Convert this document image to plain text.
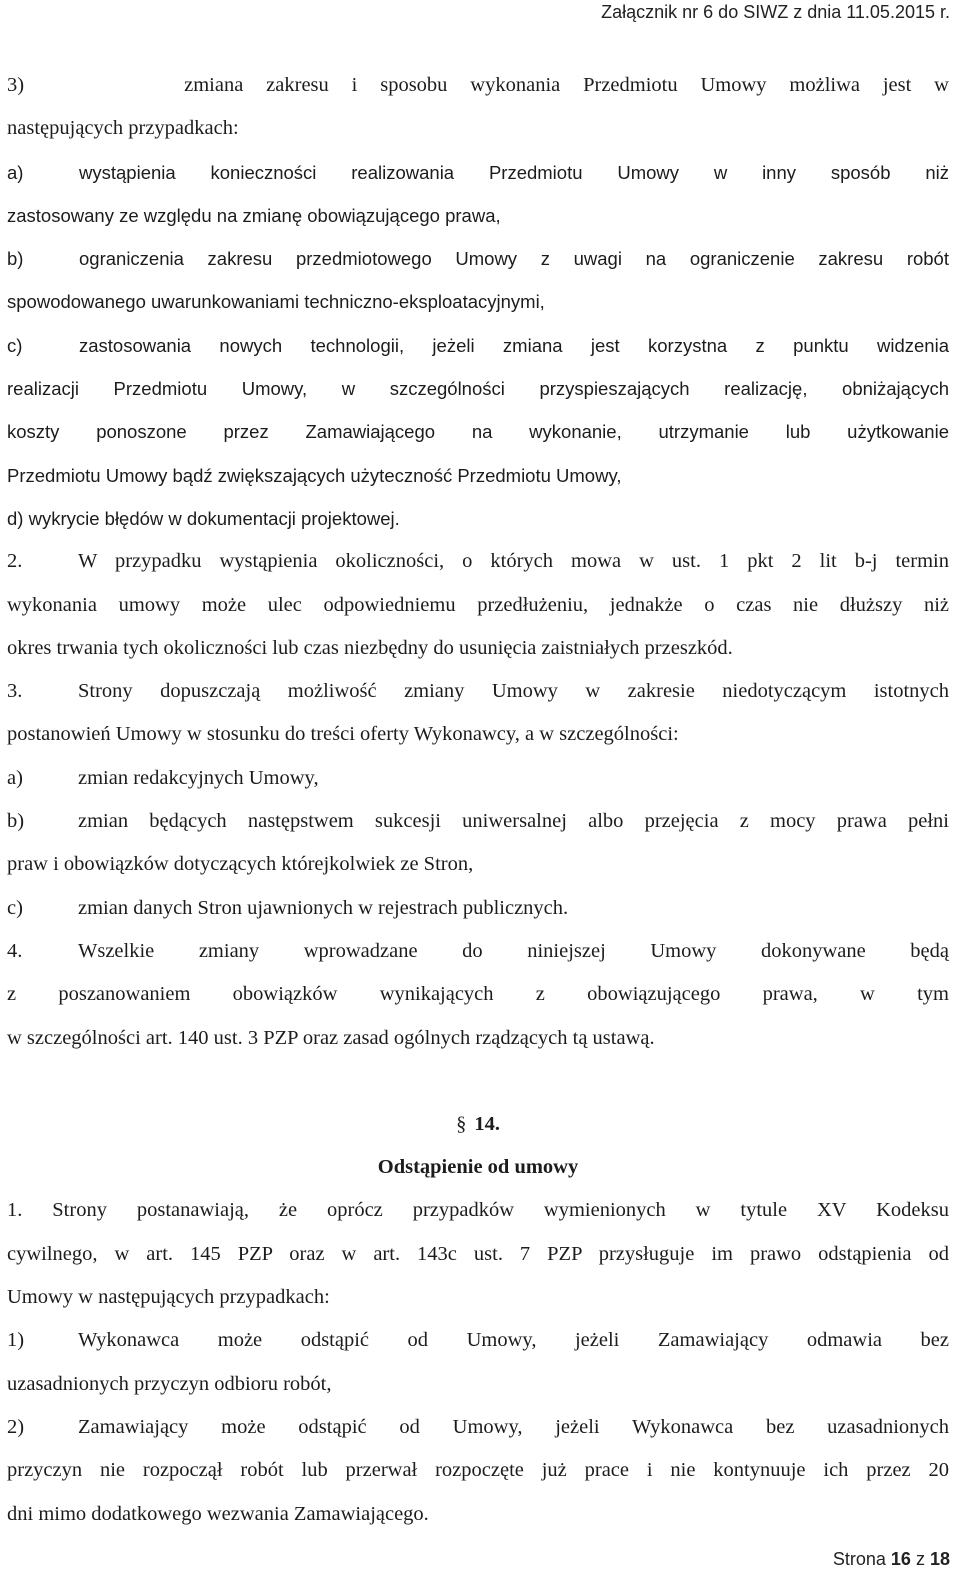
Załącznik nr 6 do SIWZ z dnia 11.05.2015 r.

3)       zmiana zakresu i sposobu wykonania Przedmiotu Umowy możliwa jest w

następujących przypadkach:

a)	wystąpienia konieczności realizowania Przedmiotu Umowy w inny sposób niż

zastosowany ze względu na zmianę obowiązującego prawa,

b)	ograniczenia zakresu przedmiotowego Umowy z uwagi na ograniczenie zakresu robót

spowodowanego uwarunkowaniami techniczno-eksploatacyjnymi,

c)	zastosowania nowych technologii, jeżeli zmiana jest korzystna z punktu widzenia

realizacji Przedmiotu Umowy, w szczególności przyspieszających realizację, obniżających

koszty ponoszone przez Zamawiającego na wykonanie, utrzymanie lub użytkowanie

Przedmiotu Umowy bądź zwiększających użyteczność Przedmiotu Umowy,

d) wykrycie błędów w dokumentacji projektowej.

2.	W przypadku wystąpienia okoliczności, o których mowa w ust. 1 pkt 2 lit b-j termin

wykonania umowy może ulec odpowiedniemu przedłużeniu, jednakże o czas nie dłuższy niż

okres trwania tych okoliczności lub czas niezbędny do usunięcia zaistniałych przeszkód.

3.	Strony dopuszczają możliwość zmiany Umowy w zakresie niedotyczącym istotnych

postanowień Umowy w stosunku do treści oferty Wykonawcy, a w szczególności:

a)	zmian redakcyjnych Umowy,

b)	zmian będących następstwem sukcesji uniwersalnej albo przejęcia z mocy prawa pełni

praw i obowiązków dotyczących którejkolwiek ze Stron,

c)	zmian danych Stron ujawnionych w rejestrach publicznych.

4.	Wszelkie zmiany wprowadzane do niniejszej Umowy dokonywane będą

z poszanowaniem obowiązków wynikających z obowiązującego prawa, w tym

w szczególności art. 140 ust. 3 PZP oraz zasad ogólnych rządzących tą ustawą.

§ 14.

Odstąpienie od umowy

1. Strony postanawiają, że oprócz przypadków wymienionych w tytule XV Kodeksu

cywilnego, w art. 145 PZP oraz w art. 143c ust. 7 PZP przysługuje im prawo odstąpienia od

Umowy w następujących przypadkach:

1)	Wykonawca może odstąpić od Umowy, jeżeli Zamawiający odmawia bez

uzasadnionych przyczyn odbioru robót,

2)	Zamawiający może odstąpić od Umowy, jeżeli Wykonawca bez uzasadnionych

przyczyn nie rozpoczął robót lub przerwał rozpoczęte już prace i nie kontynuuje ich przez 20

dni mimo dodatkowego wezwania Zamawiającego.

Strona 16 z 18
